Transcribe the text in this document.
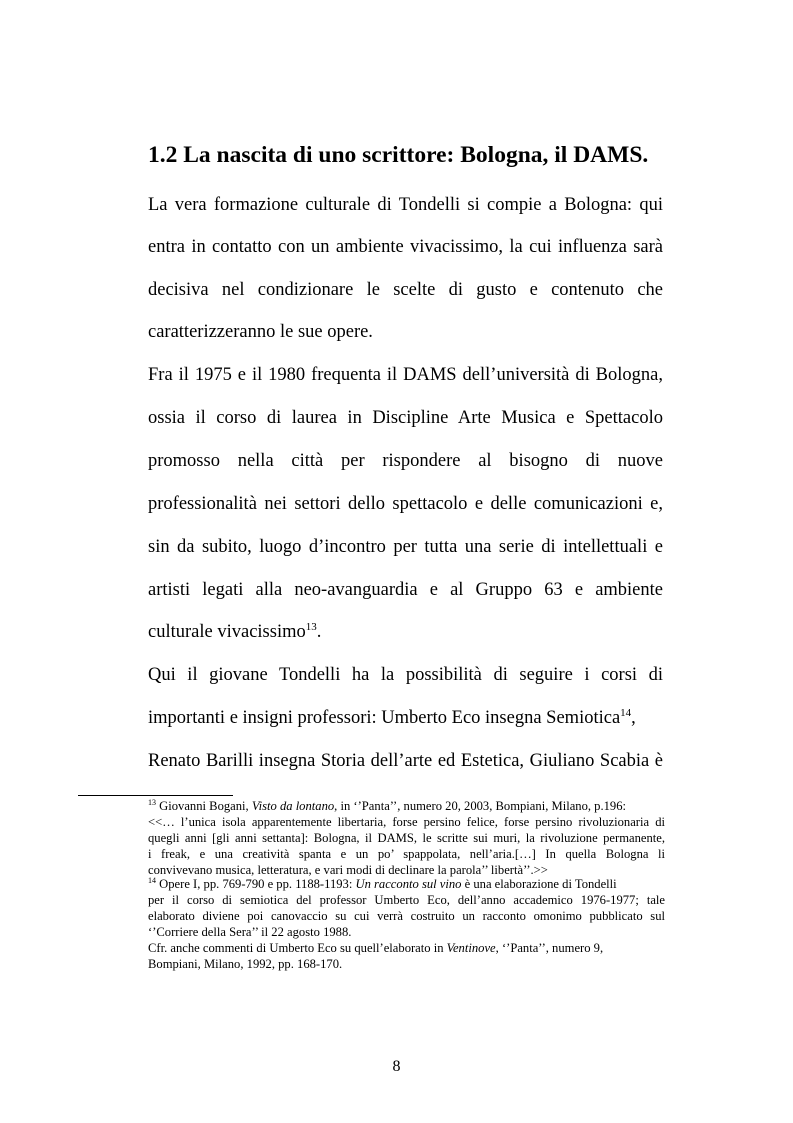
1.2 La nascita di uno scrittore: Bologna, il DAMS.
La vera formazione culturale di Tondelli si compie a Bologna: qui
entra in contatto con un ambiente vivacissimo, la cui influenza sarà
decisiva nel condizionare le scelte di gusto e contenuto che
caratterizzeranno le sue opere.
Fra il 1975 e il 1980 frequenta il DAMS dell’università di Bologna,
ossia il corso di laurea in Discipline Arte Musica e Spettacolo
promosso nella città per rispondere al bisogno di nuove
professionalità nei settori dello spettacolo e delle comunicazioni e,
sin da subito, luogo d’incontro per tutta una serie di intellettuali e
artisti legati alla neo-avanguardia e al Gruppo 63 e ambiente
culturale vivacissimo$^{13}$.
Qui il giovane Tondelli ha la possibilità di seguire i corsi di
importanti e insigni professori: Umberto Eco insegna Semiotica$^{14}$,
Renato Barilli insegna Storia dell’arte ed Estetica, Giuliano Scabia è
$^{13}$ Giovanni Bogani, Visto da lontano, in ‘’Panta’’, numero 20, 2003, Bompiani, Milano, p.196:
<<… l’unica isola apparentemente libertaria, forse persino felice, forse persino rivoluzionaria di
quegli anni [gli anni settanta]: Bologna, il DAMS, le scritte sui muri, la rivoluzione permanente,
i freak, e una creatività spanta e un po’ spappolata, nell’aria.[…] In quella Bologna li
convivevano musica, letteratura, e vari modi di declinare la parola’’ libertà’’.>>
$^{14}$ Opere I, pp. 769-790 e pp. 1188-1193: Un racconto sul vino è una elaborazione di Tondelli
per il corso di semiotica del professor Umberto Eco, dell’anno accademico 1976-1977; tale
elaborato diviene poi canovaccio su cui verrà costruito un racconto omonimo pubblicato sul
‘’Corriere della Sera’’ il 22 agosto 1988.
Cfr. anche commenti di Umberto Eco su quell’elaborato in Ventinove, ‘’Panta’’, numero 9,
Bompiani, Milano, 1992, pp. 168-170.
8
